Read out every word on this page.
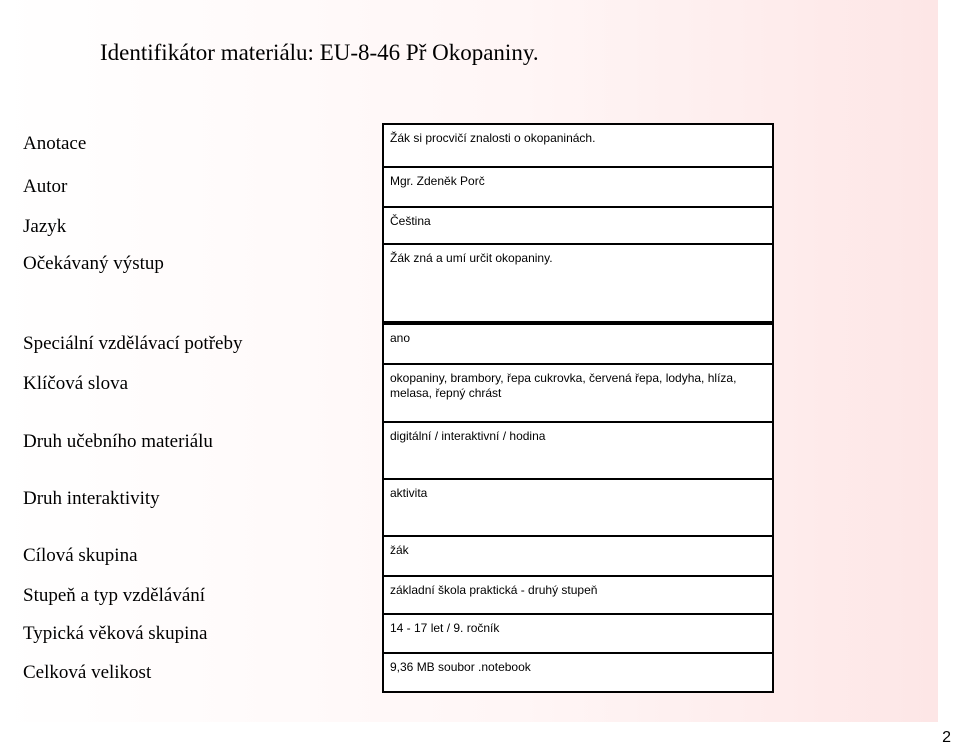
Identifikátor materiálu: EU-8-46 Př Okopaniny.
Anotace	Žák si procvičí znalosti o okopaninách.
Autor	Mgr. Zdeněk Porč
Jazyk	Čeština
Očekávaný výstup	Žák zná a umí určit okopaniny.
Speciální vzdělávací potřeby	ano
Klíčová slova	okopaniny, brambory, řepa cukrovka, červená řepa, lodyha, hlíza, melasa, řepný chrást
Druh učebního materiálu	digitální / interaktivní / hodina
Druh interaktivity	aktivita
Cílová skupina	žák
Stupeň a typ vzdělávání	základní škola praktická - druhý stupeň
Typická věková skupina	14 - 17 let / 9. ročník
Celková velikost	9,36 MB soubor .notebook
2
